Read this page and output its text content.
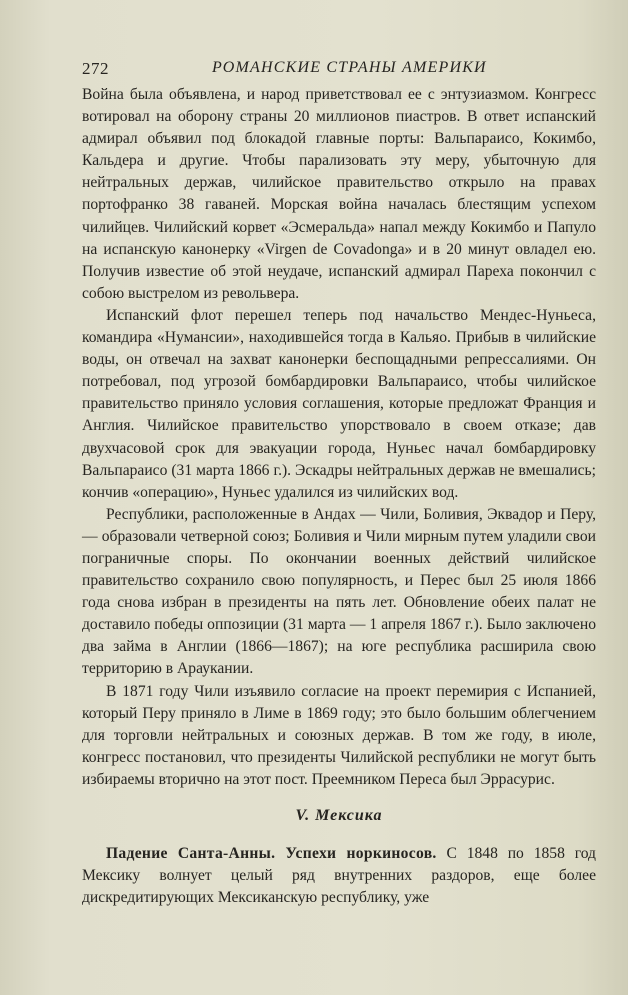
272	РОМАНСКИЕ СТРАНЫ АМЕРИКИ

Война была объявлена, и народ приветствовал ее с энтузиазмом. Конгресс вотировал на оборону страны 20 миллионов пиастров. В ответ испанский адмирал объявил под блокадой главные порты: Вальпараисо, Кокимбо, Кальдера и другие. Чтобы парализовать эту меру, убыточную для нейтральных держав, чилийское правительство открыло на правах портофранко 38 гаваней. Морская война началась блестящим успехом чилийцев. Чилийский корвет «Эсмеральда» напал между Кокимбо и Папуло на испанскую канонерку «Virgen de Covadonga» и в 20 минут овладел ею. Получив известие об этой неудаче, испанский адмирал Пареха покончил с собою выстрелом из револьвера.

Испанский флот перешел теперь под начальство Мендес-Нуньеса, командира «Нумансии», находившейся тогда в Кальяо. Прибыв в чилийские воды, он отвечал на захват канонерки беспощадными репрессалиями. Он потребовал, под угрозой бомбардировки Вальпараисо, чтобы чилийское правительство приняло условия соглашения, которые предложат Франция и Англия. Чилийское правительство упорствовало в своем отказе; дав двухчасовой срок для эвакуации города, Нуньес начал бомбардировку Вальпараисо (31 марта 1866 г.). Эскадры нейтральных держав не вмешались; кончив «операцию», Нуньес удалился из чилийских вод.

Республики, расположенные в Андах — Чили, Боливия, Эквадор и Перу, — образовали четверной союз; Боливия и Чили мирным путем уладили свои пограничные споры. По окончании военных действий чилийское правительство сохранило свою популярность, и Перес был 25 июля 1866 года снова избран в президенты на пять лет. Обновление обеих палат не доставило победы оппозиции (31 марта — 1 апреля 1867 г.). Было заключено два займа в Англии (1866—1867); на юге республика расширила свою территорию в Араукании.

В 1871 году Чили изъявило согласие на проект перемирия с Испанией, который Перу приняло в Лиме в 1869 году; это было большим облегчением для торговли нейтральных и союзных держав. В том же году, в июле, конгресс постановил, что президенты Чилийской республики не могут быть избираемы вторично на этот пост. Преемником Переса был Эррасурис.

V. Мексика

Падение Санта-Анны. Успехи норкиносов. С 1848 по 1858 год Мексику волнует целый ряд внутренних раздоров, еще более дискредитирующих Мексиканскую республику, уже
